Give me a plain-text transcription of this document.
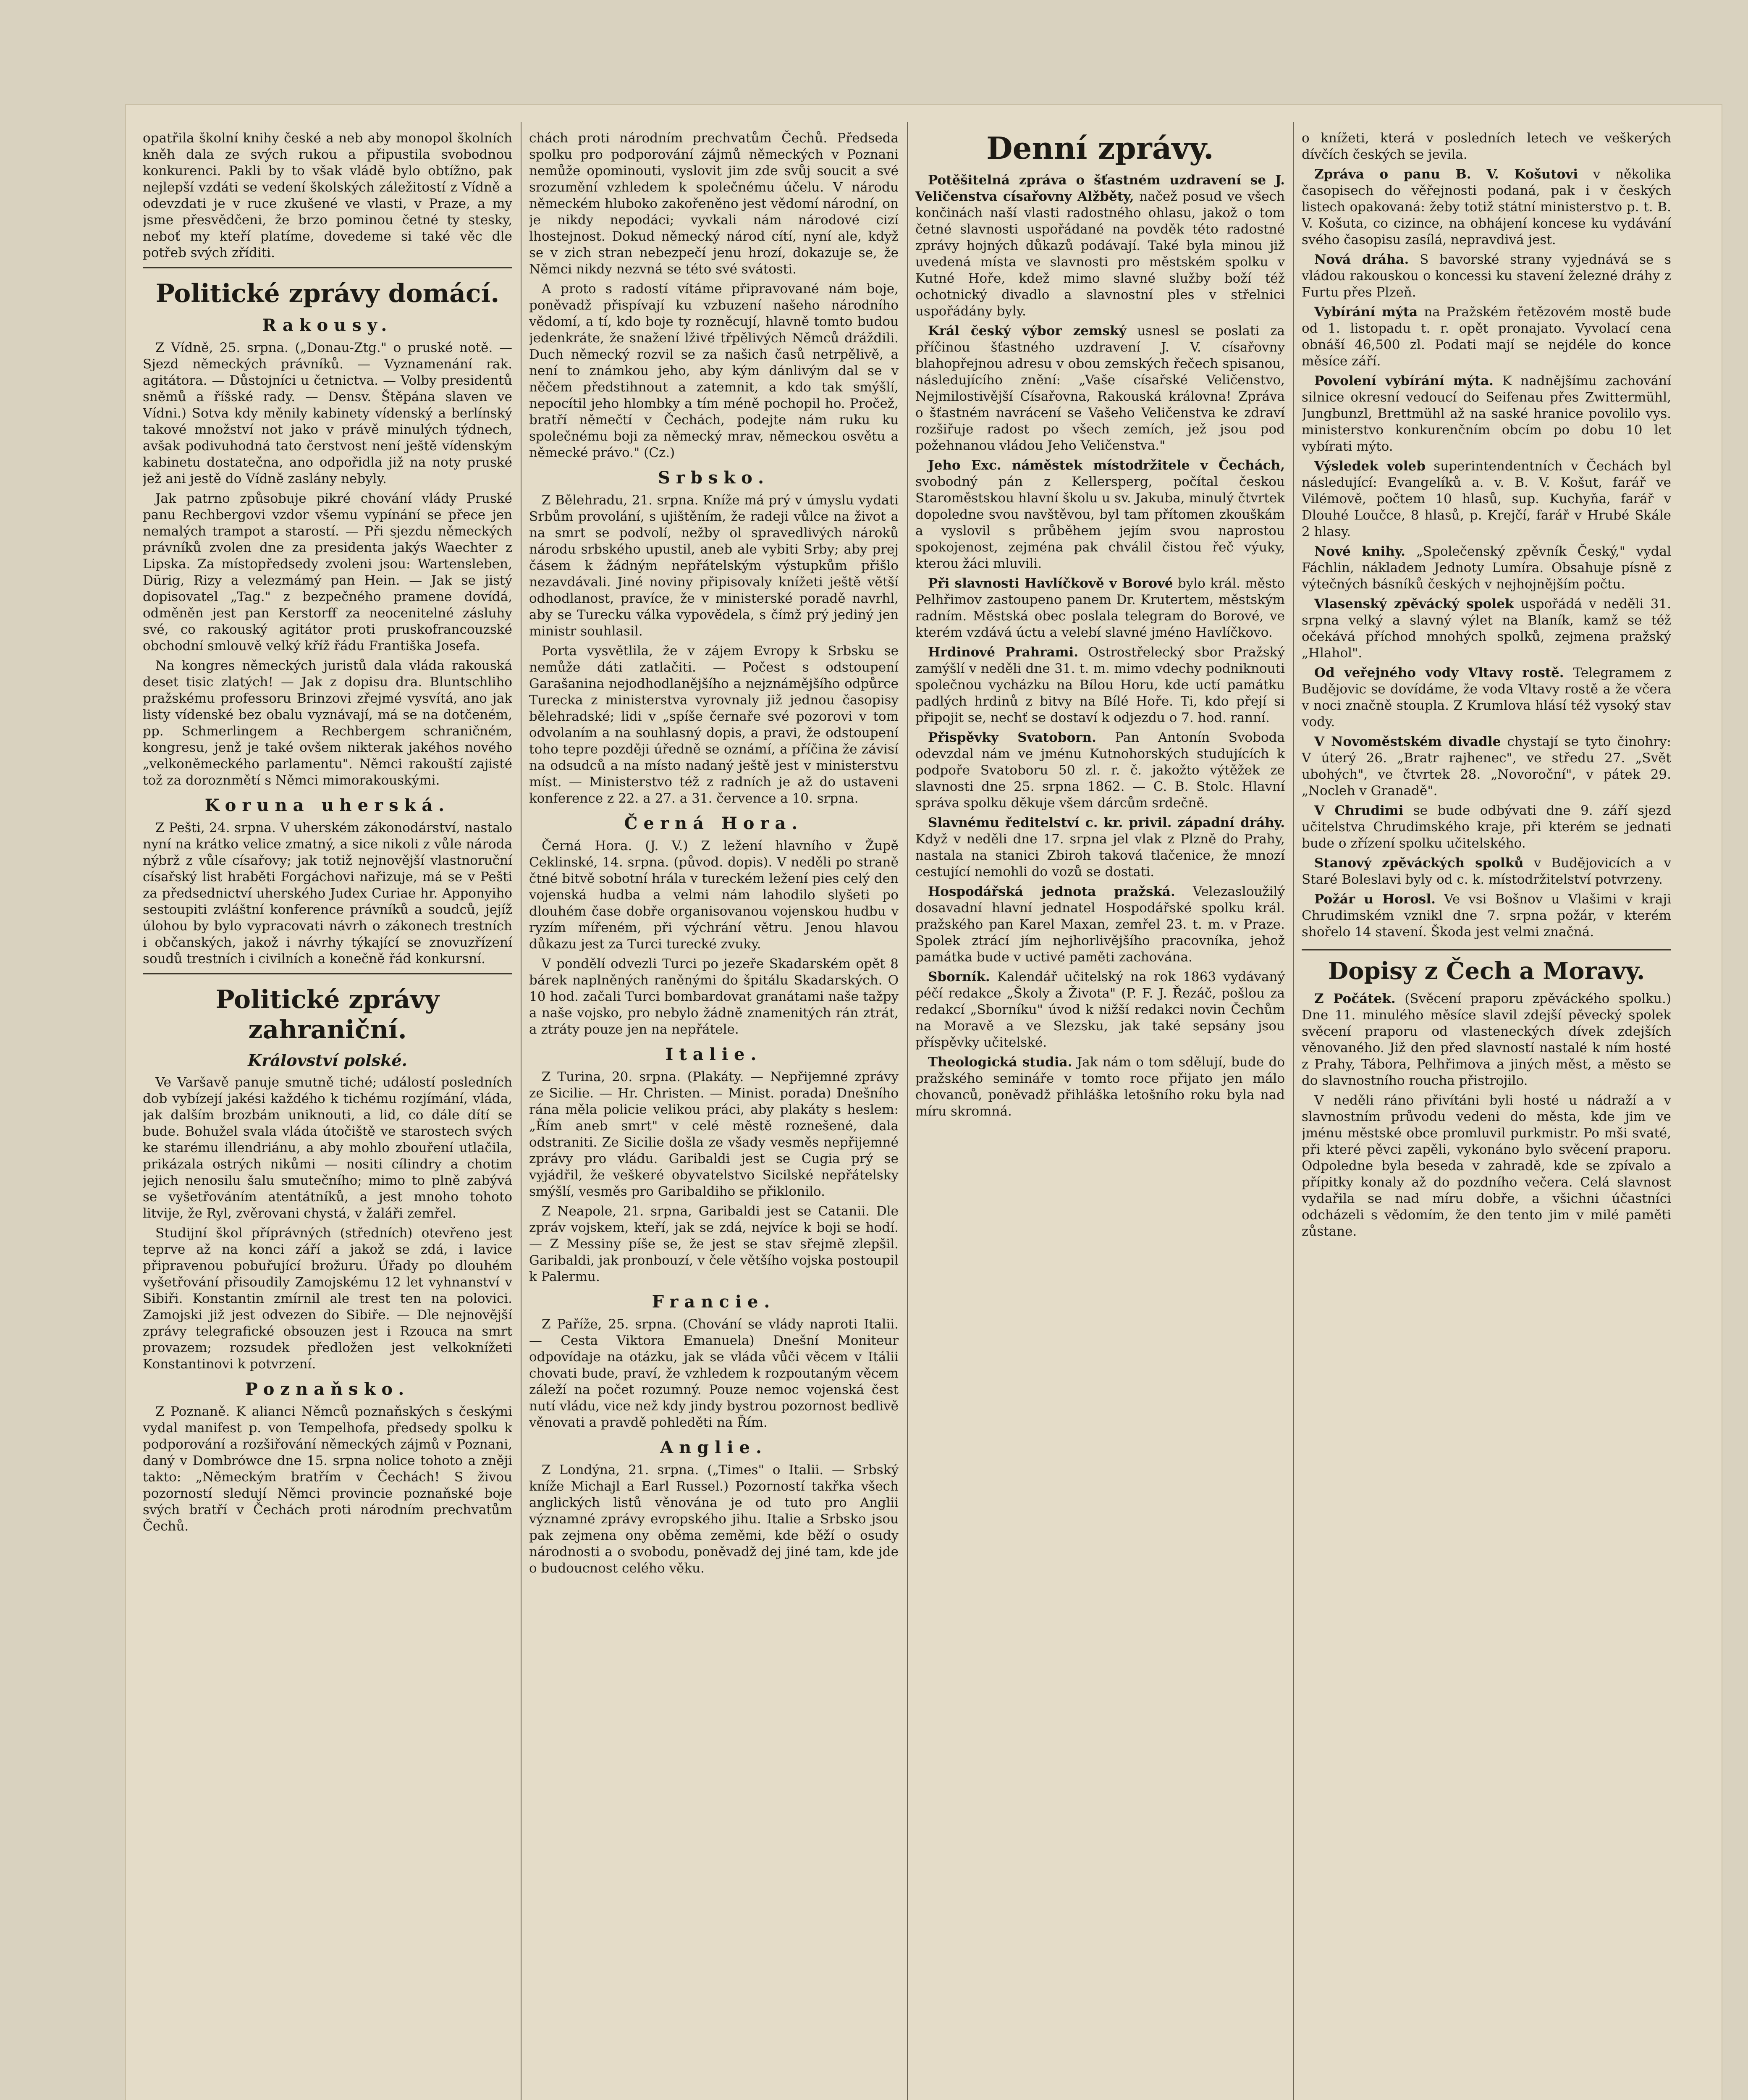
opatřila školní knihy české a neb aby monopol školních kněh dala ze svých rukou a připustila svobodnou konkurenci. Pakli by to však vládě bylo obtížno, pak nejlepší vzdáti se vedení školských záležitostí z Vídně a odevzdati je v ruce zkušené ve vlasti, v Praze, a my jsme přesvědčeni, že brzo pominou četné ty stesky, neboť my kteří platíme, dovedeme si také věc dle potřeb svých zříditi.

Politické zprávy domácí.
Rakousy.

Z Vídně, 25. srpna. („Donau-Ztg." o pruské notě. — Sjezd německých právníků. — Vyznamenání rak. agitátora. — Důstojníci u četnictva. — Volby presidentů sněmů a říšské rady. — Densv. Štěpána slaven ve Vídni.) Sotva kdy měnily kabinety vídenský a berlínský takové množství not jako v právě minulých týdnech, avšak podivuhodná tato čerstvost není ještě vídenským kabinetu dostatečna, ano odpořidla již na noty pruské jež ani jestě do Vídně zaslány nebyly.

Jak patrno způsobuje pikré chování vlády Pruské panu Rechbergovi vzdor všemu vypínání se přece jen nemalých trampot a starostí. — Při sjezdu německých právníků zvolen dne za presidenta jakýs Waechter z Lipska. Za místopředsedy zvoleni jsou: Wartensleben, Dürig, Rizy a velezmámý pan Hein. — Jak se jistý dopisovatel „Tag." z bezpečného pramene dovídá, odměněn jest pan Kerstorff za neocenitelné zásluhy své, co rakouský agitátor proti pruskofrancouzské obchodní smlouvě velký kříž řádu Františka Josefa.

Na kongres německých juristů dala vláda rakouská deset tisic zlatých! — Jak z dopisu dra. Bluntschliho pražskému professoru Brinzovi zřejmé vysvítá, ano jak listy vídenské bez obalu vyznávají, má se na dotčeném, pp. Schmerlingem a Rechbergem schraničném, kongresu, jenž je také ovšem nikterak jakéhos nového „velkoněmeckého parlamentu". Němci rakouští zajisté tož za doroznmětí s Němci mimorakouskými.

Koruna uherská.

Z Pešti, 24. srpna. V uherském zákonodárství, nastalo nyní na krátko velice zmatný, a sice nikoli z vůle národa nýbrž z vůle císařovy; jak totiž nejnovější vlastnoruční císařský list hraběti Forgáchovi nařizuje, má se v Pešti za předsednictví uherského Judex Curiae hr. Apponyiho sestoupiti zvláštní konference právníků a soudců, jejíž úlohou by bylo vypracovati návrh o zákonech trestních i občanských, jakož i návrhy týkající se znovuzřízení soudů trestních i civilních a konečně řád konkursní.

Politické zprávy zahraniční.
Království polské.

Ve Varšavě panuje smutně tiché; událostí posledních dob vybízejí jakési každého k tichému rozjímání, vláda, jak dalším brozbám uniknouti, a lid, co dále dítí se bude. Bohužel svala vláda útočiště ve starostech svých ke starému illendriánu, a aby mohlo zbouření utlačila, prikázala ostrých nikůmi — nositi cílindry a chotim jejich nenosilu šalu smutečního; mimo to plně zabývá se vyšetřováním atentátníků, a jest mnoho tohoto litvije, že Ryl, zvěrovani chystá, v žaláři zemřel.

Studijní škol příprávných (středních) otevřeno jest teprve až na konci září a jakož se zdá, i lavice připravenou pobuřující brožuru. Úřady po dlouhém vyšetřování přisoudily Zamojskému 12 let vyhnanství v Sibiři. Konstantin zmírnil ale trest ten na polovici. Zamojski již jest odvezen do Sibiře. — Dle nejnovější zprávy telegrafické obsouzen jest i Rzouca na smrt provazem; rozsudek předložen jest velkoknížeti Konstantinovi k potvrzení.

Poznaňsko.

Z Poznaně. K alianci Němců poznaňských s českými vydal manifest p. von Tempelhofa, předsedy spolku k podporování a rozšiřování německých zájmů v Poznani, daný v Dombrówce dne 15. srpna nolice tohoto a zněji takto: „Německým bratřím v Čechách! S živou pozorností sledují Němci provincie poznaňské boje svých bratří v Čechách proti národním prechvatům Čechů.

chách proti národním prechvatům Čechů. Předseda spolku pro podporování zájmů německých v Poznani nemůže opominouti, vyslovit jim zde svůj soucit a své srozumění vzhledem k společnému účelu. V národu německém hluboko zakořeněno jest vědomí národní, on je nikdy nepodáci; vyvkali nám národové cizí lhostejnost. Dokud německý národ cítí, nyní ale, když se v zich stran nebezpečí jenu hrozí, dokazuje se, že Němci nikdy nezvná se této své svátosti.

A proto s radostí vítáme připravované nám boje, poněvadž přispívají ku vzbuzení našeho národního vědomí, a tí, kdo boje ty rozněcují, hlavně tomto budou jedenkráte, že snažení lživé třpělivých Němců dráždili. Duch německý rozvil se za našich časů netrpělivě, a není to známkou jeho, aby kým dánlivým dal se v něčem předstihnout a zatemnit, a kdo tak smýšlí, nepocítil jeho hlombky a tím méně pochopil ho. Pročež, bratří němečtí v Čechách, podejte nám ruku ku společnému boji za německý mrav, německou osvětu a německé právo." (Cz.)

Srbsko.

Z Bělehradu, 21. srpna. Kníže má prý v úmyslu vydati Srbům provolání, s ujištěním, že radeji vůlce na život a na smrt se podvolí, nežby ol spravedlivých nároků národu srbského upustil, aneb ale vybiti Srby; aby prej čásem k žádným nepřátelským výstupkům přišlo nezavdávali. Jiné noviny připisovaly knížeti ještě větší odhodlanost, pravíce, že v ministerské poradě navrhl, aby se Turecku válka vypovědela, s čímž prý jediný jen ministr souhlasil.

Porta vysvětlila, že v zájem Evropy k Srbsku se nemůže dáti zatlačiti. — Počest s odstoupení Garašanina nejodhodlanějšího a nejznámějšího odpůrce Turecka z ministerstva vyrovnaly již jednou časopisy bělehradské; lidi v „spíše černaře své pozorovi v tom odvolaním a na souhlasný dopis, a pravi, že odstoupení toho tepre později úředně se oznámí, a příčina že závisí na odsudců a na místo nadaný ještě jest v ministerstvu míst. — Ministerstvo též z radních je až do ustaveni konference z 22. a 27. a 31. července a 10. srpna.

Černá Hora.

Černá Hora. (J. V.) Z ležení hlavního v Župě Ceklinské, 14. srpna. (původ. dopis). V neděli po straně čtné bitvě sobotní hrála v tureckém ležení pies celý den vojenská hudba a velmi nám lahodilo slyšeti po dlouhém čase dobře organisovanou vojenskou hudbu v ryzím mířeném, při výchrání větru. Jenou hlavou důkazu jest za Turci turecké zvuky.

V pondělí odvezli Turci po jezeře Skadarském opět 8 bárek naplněných raněnými do špitálu Skadarských. O 10 hod. začali Turci bombardovat granátami naše tažpy a naše vojsko, pro nebylo žádně znamenitých rán ztrát, a ztráty pouze jen na nepřátele.

Italie.

Z Turina, 20. srpna. (Plakáty. — Nepřijemné zprávy ze Sicilie. — Hr. Christen. — Minist. porada) Dnešního rána měla policie velikou práci, aby plakáty s heslem: „Řím aneb smrt" v celé městě roznešené, dala odstraniti. Ze Sicilie došla ze všady vesměs nepřijemné zprávy pro vládu. Garibaldi jest se Cugia prý se vyjádřil, že veškeré obyvatelstvo Sicilské nepřátelsky smýšlí, vesměs pro Garibaldiho se přiklonilo.

Z Neapole, 21. srpna, Garibaldi jest se Catanii. Dle zpráv vojskem, kteří, jak se zdá, nejvíce k boji se hodí. — Z Messiny píše se, že jest se stav sřejmě zlepšil. Garibaldi, jak pronbouzí, v čele většího vojska postoupil k Palermu.

Francie.

Z Paříže, 25. srpna. (Chování se vlády naproti Italii. — Cesta Viktora Emanuela) Dnešní Moniteur odpovídaje na otázku, jak se vláda vůči věcem v Itálii chovati bude, praví, že vzhledem k rozpoutaným věcem záleží na počet rozumný. Pouze nemoc vojenská čest nutí vládu, vice než kdy jindy bystrou pozornost bedlivě věnovati a pravdě pohleděti na Řím.

Anglie.

Z Londýna, 21. srpna. („Times" o Italii. — Srbský kníže Michajl a Earl Russel.) Pozorností takřka všech anglických listů věnována je od tuto pro Anglii významné zprávy evropského jihu. Italie a Srbsko jsou pak zejmena ony oběma zeměmi, kde běží o osudy národnosti a o svobodu, poněvadž dej jiné tam, kde jde o budoucnost celého věku.

Denní zprávy.

Potěšitelná zpráva o šťastném uzdravení se J. Veličenstva císařovny Alžběty, načež posud ve všech končinách naší vlasti radostného ohlasu, jakož o tom četné slavnosti uspořádané na povděk této radostné zprávy hojných důkazů podávají. Také byla minou již uvedená místa ve slavnosti pro městském spolku v Kutné Hoře, kdež mimo slavné služby boží též ochotnický divadlo a slavnostní ples v střelnici uspořádány byly.

Král český výbor zemský usnesl se poslati za příčinou šťastného uzdravení J. V. císařovny blahopřejnou adresu v obou zemských řečech spisanou, následujícího znění: „Vaše císařské Veličenstvo, Nejmilostivější Císařovna, Rakouská královna! Zpráva o šťastném navrácení se Vašeho Veličenstva ke zdraví rozšiřuje radost po všech zemích, jež jsou pod požehnanou vládou Jeho Veličenstva."

Jeho Exc. náměstek místodržitele v Čechách, svobodný pán z Kellersperg, počítal českou Staroměstskou hlavní školu u sv. Jakuba, minulý čtvrtek dopoledne svou navštěvou, byl tam přítomen zkouškám a vyslovil s průběhem jejím svou naprostou spokojenost, zejména pak chválil čistou řeč výuky, kterou žáci mluvili.

Při slavnosti Havlíčkově v Borové bylo král. město Pelhřimov zastoupeno panem Dr. Krutertem, městským radním. Městská obec poslala telegram do Borové, ve kterém vzdává úctu a velebí slavné jméno Havlíčkovo.

Hrdinové Prahrami. Ostrostřelecký sbor Pražský zamýšlí v neděli dne 31. t. m. mimo vdechy podniknouti společnou vycházku na Bílou Horu, kde uctí památku padlých hrdinů z bitvy na Bílé Hoře. Ti, kdo přejí si připojit se, nechť se dostaví k odjezdu o 7. hod. ranní.

Přispěvky Svatoborn. Pan Antonín Svoboda odevzdal nám ve jménu Kutnohorských studujících k podpoře Svatoboru 50 zl. r. č. jakožto výtěžek ze slavnosti dne 25. srpna 1862. — C. B. Stolc. Hlavní správa spolku děkuje všem dárcům srdečně.

Slavnému ředitelství c. kr. privil. západní dráhy. Když v neděli dne 17. srpna jel vlak z Plzně do Prahy, nastala na stanici Zbiroh taková tlačenice, že mnozí cestující nemohli do vozů se dostati.

Hospodářská jednota pražská. Velezasloužilý dosavadní hlavní jednatel Hospodářské spolku král. pražského pan Karel Maxan, zemřel 23. t. m. v Praze. Spolek ztrácí jím nejhorlivějšího pracovníka, jehož památka bude v uctivé paměti zachována.

Sborník. Kalendář učitelský na rok 1863 vydávaný péčí redakce „Školy a Života" (P. F. J. Řezáč, pošlou za redakcí „Sborníku" úvod k nižší redakci novin Čechům na Moravě a ve Slezsku, jak také sepsány jsou příspěvky učitelské.

Theologická studia. Jak nám o tom sdělují, bude do pražského semináře v tomto roce přijato jen málo chovanců, poněvadž přihláška letošního roku byla nad míru skromná.

o knížeti, která v posledních letech ve veškerých dívčích českých se jevila.

Zpráva o panu B. V. Košutovi v několika časopisech do věřejnosti podaná, pak i v českých listech opakovaná: žeby totiž státní ministerstvo p. t. B. V. Košuta, co cizince, na obhájení koncese ku vydávání svého časopisu zasílá, nepravdivá jest.

Nová dráha. S bavorské strany vyjednává se s vládou rakouskou o koncessi ku stavení železné dráhy z Furtu přes Plzeň.

Vybírání mýta na Pražském řetězovém mostě bude od 1. listopadu t. r. opět pronajato. Vyvolací cena obnáší 46,500 zl. Podati mají se nejdéle do konce měsíce září.

Povolení vybírání mýta. K nadnějšímu zachování silnice okresní vedoucí do Seifenau přes Zwittermühl, Jungbunzl, Brettmühl až na saské hranice povolilo vys. ministerstvo konkurenčním obcím po dobu 10 let vybírati mýto.

Výsledek voleb superintendentních v Čechách byl následující: Evangelíků a. v. B. V. Košut, farář ve Vilémově, počtem 10 hlasů, sup. Kuchyňa, farář v Dlouhé Loučce, 8 hlasů, p. Krejčí, farář v Hrubé Skále 2 hlasy.

Nové knihy. „Společenský zpěvník Český," vydal Fáchlin, nákladem Jednoty Lumíra. Obsahuje písně z výtečných básníků českých v nejhojnějším počtu.

Vlasenský zpěvácký spolek uspořádá v neděli 31. srpna velký a slavný výlet na Blaník, kamž se též očekává příchod mnohých spolků, zejmena pražský „Hlahol".

Od veřejného vody Vltavy rostě. Telegramem z Budějovic se dovídáme, že voda Vltavy rostě a že včera v noci značně stoupla. Z Krumlova hlásí též vysoký stav vody.

V Novoměstském divadle chystají se tyto činohry: V úterý 26. „Bratr rajhenec", ve středu 27. „Svět ubohých", ve čtvrtek 28. „Novoroční", v pátek 29. „Nocleh v Granadě".

V Chrudimi se bude odbývati dne 9. září sjezd učitelstva Chrudimského kraje, při kterém se jednati bude o zřízení spolku učitelského.

Stanový zpěváckých spolků v Budějovicích a v Staré Boleslavi byly od c. k. místodržitelství potvrzeny.

Požár u Horosl. Ve vsi Bošnov u Vlašimi v kraji Chrudimském vznikl dne 7. srpna požár, v kterém shořelo 14 stavení. Škoda jest velmi značná.

Dopisy z Čech a Moravy.

Z Počátek. (Svěcení praporu zpěváckého spolku.) Dne 11. minulého měsíce slavil zdejší pěvecký spolek svěcení praporu od vlasteneckých dívek zdejších věnovaného. Již den před slavností nastalé k ním hosté z Prahy, Tábora, Pelhřimova a jiných měst, a město se do slavnostního roucha přistrojilo.

V neděli ráno přivítáni byli hosté u nádraží a v slavnostním průvodu vedeni do města, kde jim ve jménu městské obce promluvil purkmistr. Po mši svaté, při které pěvci zapěli, vykonáno bylo svěcení praporu. Odpoledne byla beseda v zahradě, kde se zpívalo a přípitky konaly až do pozdního večera. Celá slavnost vydařila se nad míru dobře, a všichni účastníci odcházeli s vědomím, že den tento jim v milé paměti zůstane.
